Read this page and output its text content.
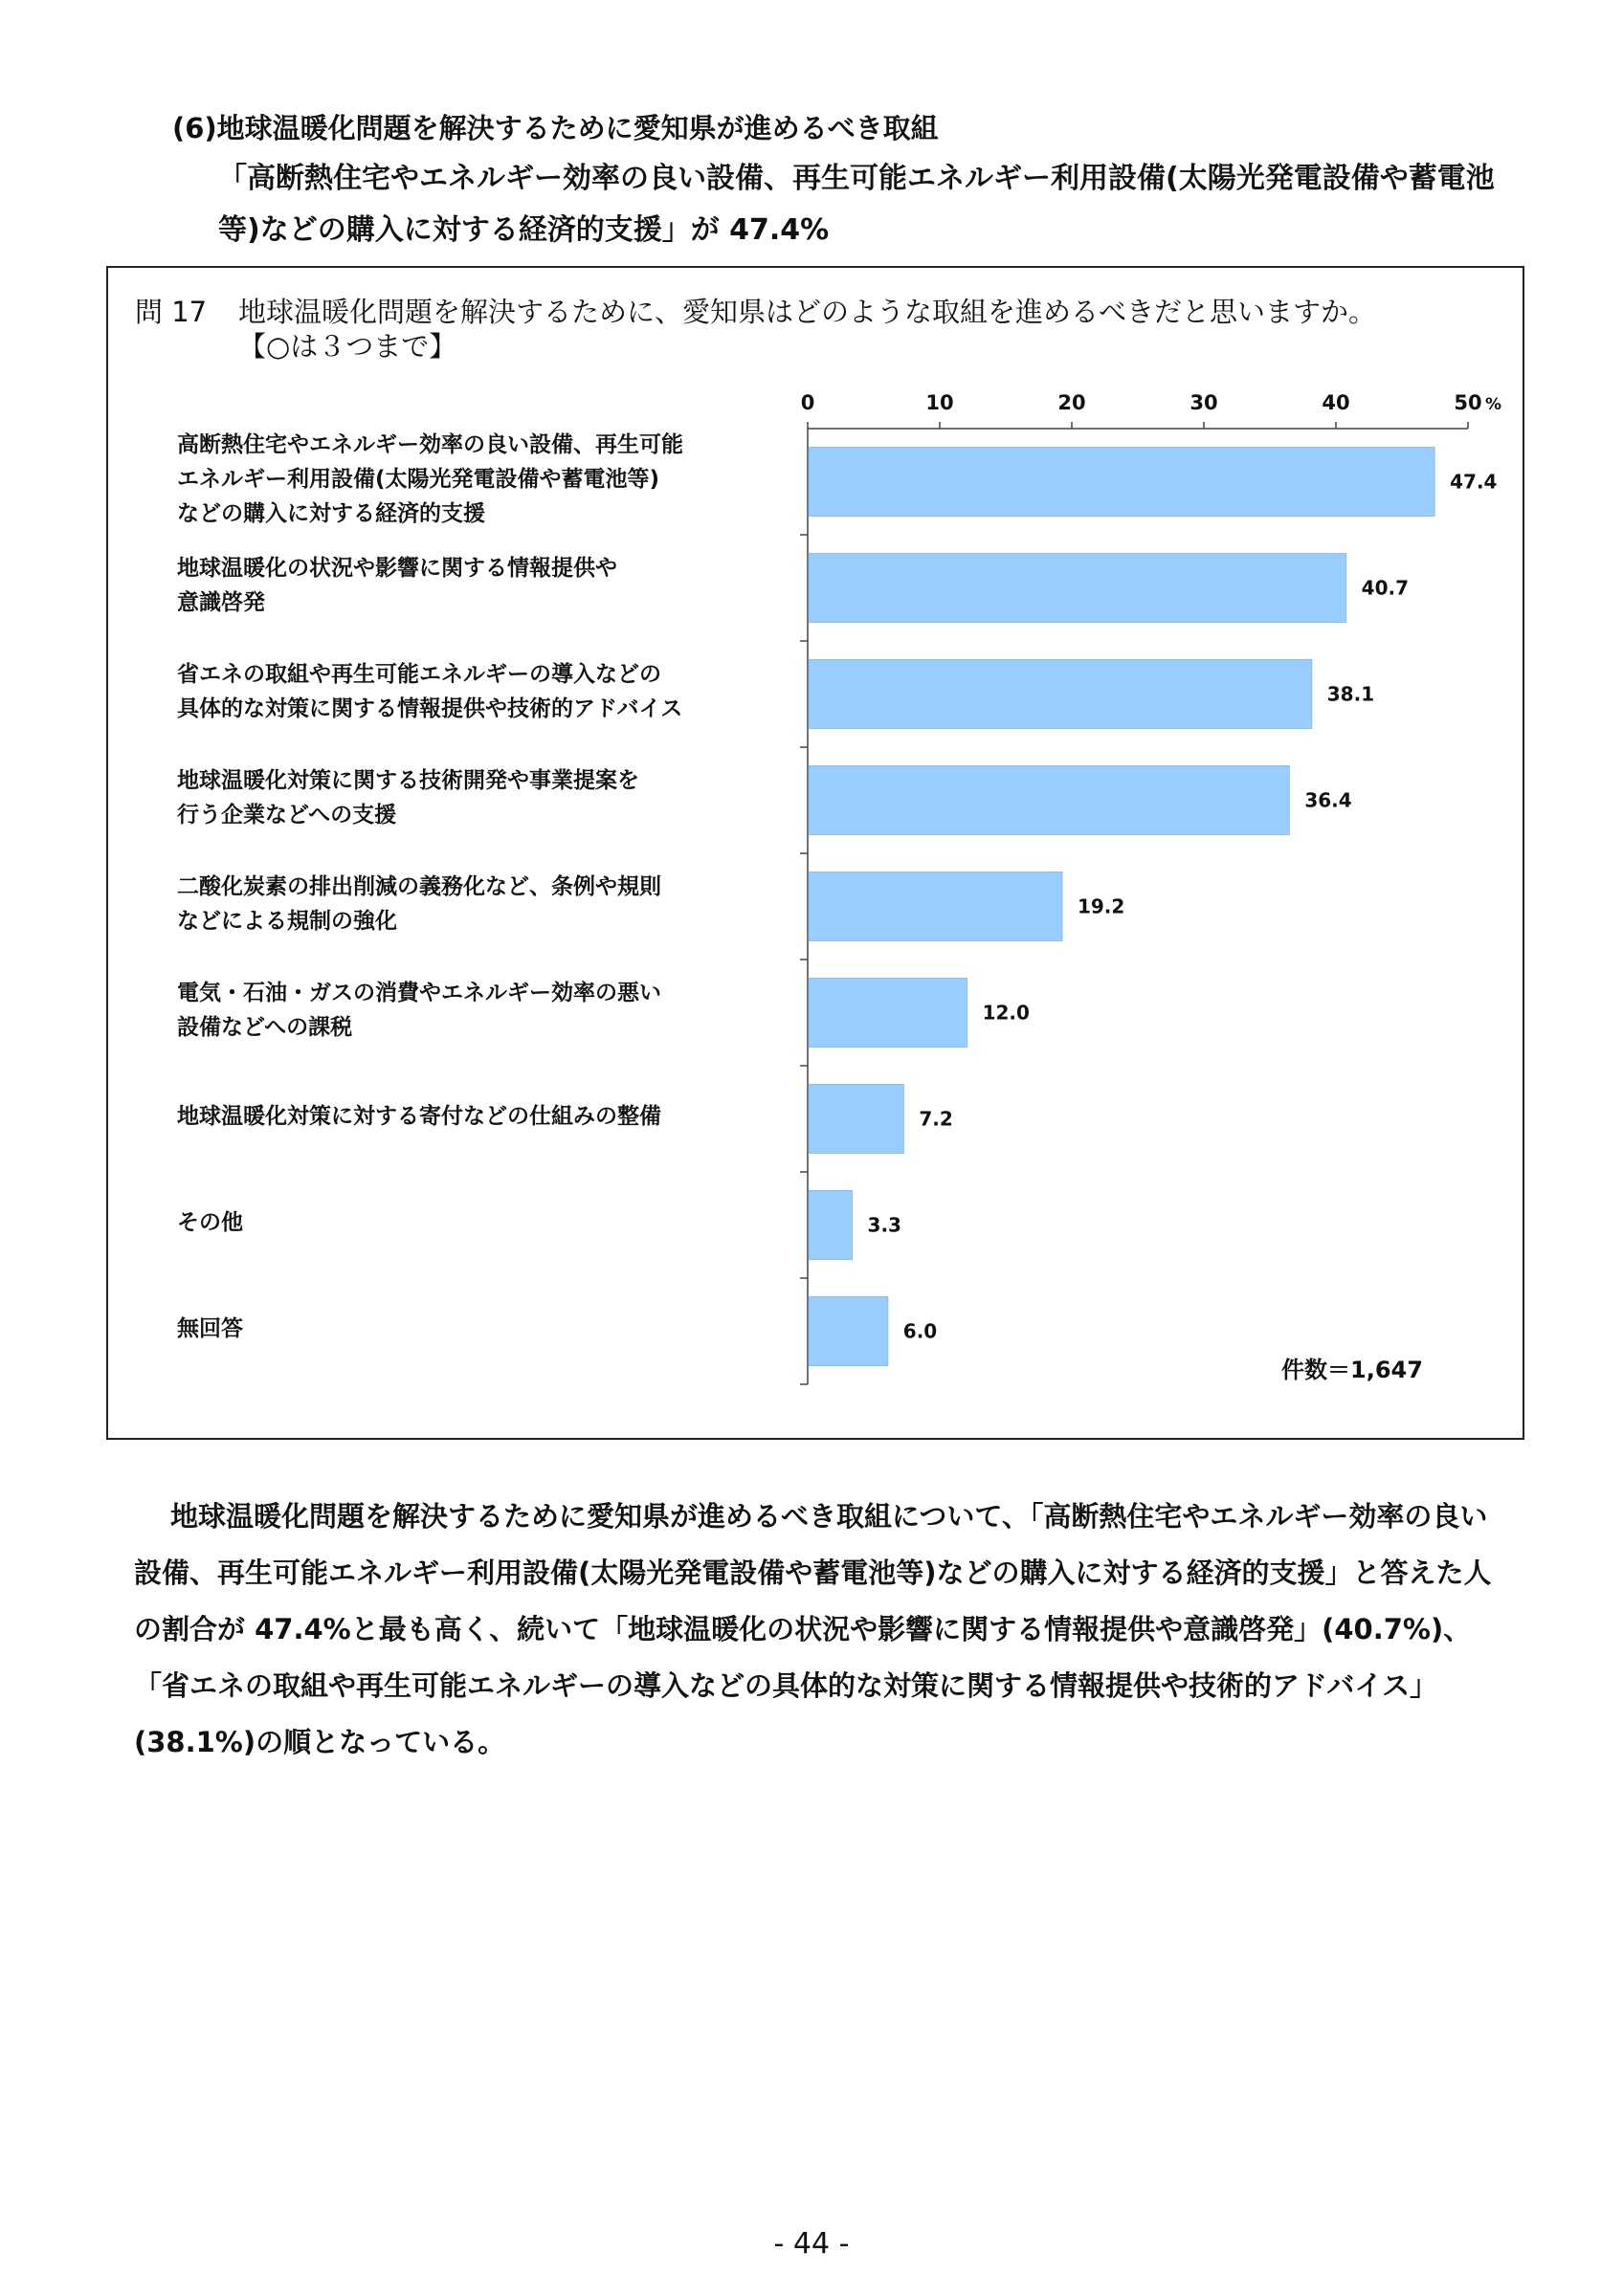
(6)地球温暖化問題を解決するために愛知県が進めるべき取組
「高断熱住宅やエネルギー効率の良い設備、再生可能エネルギー利用設備(太陽光発電設備や蓄電池等)などの購入に対する経済的支援」が 47.4%
問 17 地球温暖化問題を解決するために、愛知県はどのような取組を進めるべきだと思いますか。
【○は３つまで】
高断熱住宅やエネルギー効率の良い設備、再生可能
エネルギー利用設備(太陽光発電設備や蓄電池等)
などの購入に対する経済的支援
地球温暖化の状況や影響に関する情報提供や
意識啓発
省エネの取組や再生可能エネルギーの導入などの
具体的な対策に関する情報提供や技術的アドバイス
地球温暖化対策に関する技術開発や事業提案を
行う企業などへの支援
二酸化炭素の排出削減の義務化など、条例や規則
などによる規制の強化
電気・石油・ガスの消費やエネルギー効率の悪い
設備などへの課税
地球温暖化対策に対する寄付などの仕組みの整備
その他
無回答
0	10	20	30	40	50 %
47.4
40.7
38.1
36.4
19.2
12.0
7.2
3.3
6.0
件数＝1,647
地球温暖化問題を解決するために愛知県が進めるべき取組について、「高断熱住宅やエネルギー効率の良い設備、再生可能エネルギー利用設備(太陽光発電設備や蓄電池等)などの購入に対する経済的支援」と答えた人の割合が 47.4%と最も高く、続いて「地球温暖化の状況や影響に関する情報提供や意識啓発」(40.7%)、「省エネの取組や再生可能エネルギーの導入などの具体的な対策に関する情報提供や技術的アドバイス」(38.1%)の順となっている。
- 44 -
